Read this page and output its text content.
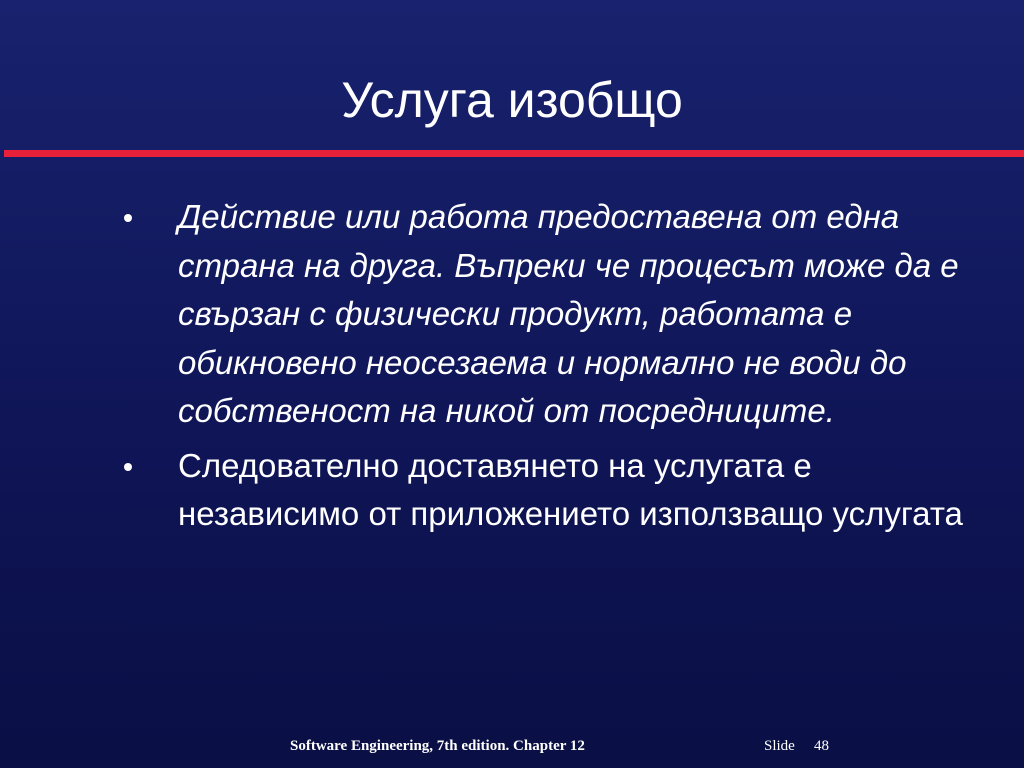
Услуга изобщо
Действие или работа предоставена от една страна на друга. Въпреки че процесът може да е свързан с физически продукт, работата е обикновено неосезаема и нормално не води до собственост на никой от посредниците.
Следователно доставянето на услугата е независимо от приложението използващо услугата
Software Engineering, 7th edition. Chapter 12	Slide 48
